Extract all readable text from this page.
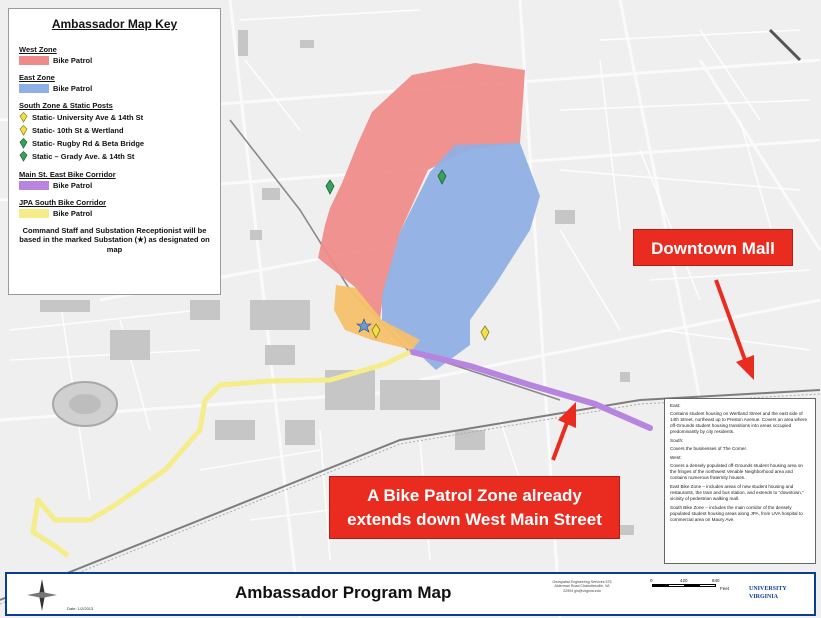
Ambassador Map Key
West Zone
Bike Patrol
East Zone
Bike Patrol
South Zone & Static Posts
Static- University Ave & 14th St
Static- 10th St & Wertland
Static- Rugby Rd & Beta Bridge
Static – Grady Ave. & 14th St
Main St. East Bike Corridor
Bike Patrol
JPA South Bike Corridor
Bike Patrol
Command Staff and Substation Receptionist will be based in the marked Substation (★) as designated on map	Downtown Mall
A Bike Patrol Zone already
extends down West Main Street

East:

Contains student housing on Wertland Street and the east side of 14th Street, northeast up to Preston Avenue. Covers an area where off-Grounds student housing transitions into areas occupied predominantly by city residents.

South:

Covers the businesses of The Corner.

West:

Covers a densely populated off-Grounds student housing area on the fringes of the northwest Venable Neighborhood area and contains numerous fraternity houses.

East Bike Zone – includes areas of new student housing and restaurants, the train and bus station, and extends to "downtown," vicinity of pedestrian walking mall.

South Bike Zone – includes the main corridor of the densely populated student housing areas along JPA, from UVA hospital to commercial area on Maury Ave.

Date: 1/2/2013
Ambassador Program Map
Geospatial Engineering Services 575 Alderman Road Charlottesville, VA 22904 gis@virginia.edu
0	420	840
Feet	UNIVERSITY
VIRGINIA
